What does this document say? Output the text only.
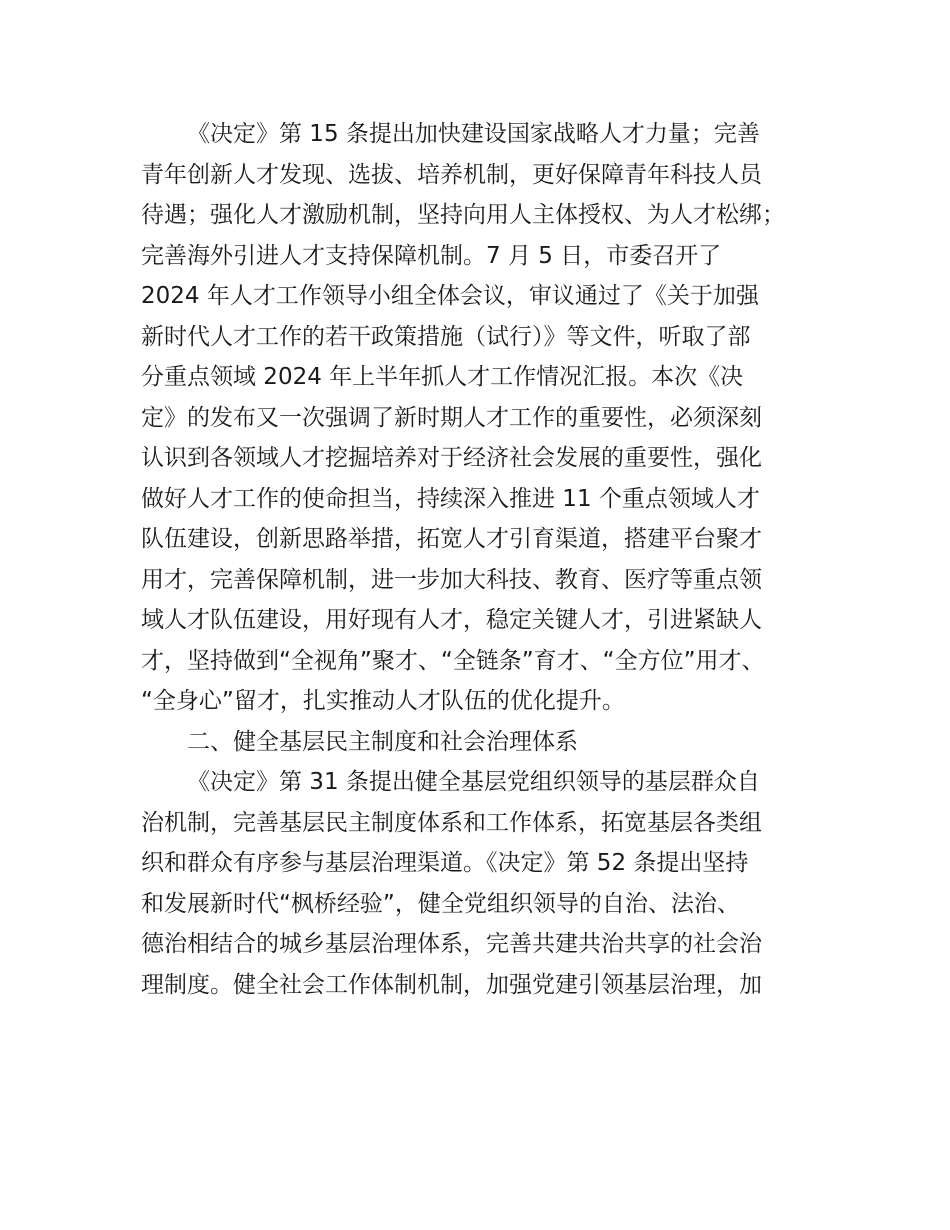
《决定》第 15 条提出加快建设国家战略人才力量；完善
青年创新人才发现、选拔、培养机制，更好保障青年科技人员
待遇；强化人才激励机制，坚持向用人主体授权、为人才松绑；
完善海外引进人才支持保障机制。7 月 5 日，市委召开了
2024 年人才工作领导小组全体会议，审议通过了《关于加强
新时代人才工作的若干政策措施（试行）》等文件，听取了部
分重点领域 2024 年上半年抓人才工作情况汇报。本次《决
定》的发布又一次强调了新时期人才工作的重要性，必须深刻
认识到各领域人才挖掘培养对于经济社会发展的重要性，强化
做好人才工作的使命担当，持续深入推进 11 个重点领域人才
队伍建设，创新思路举措，拓宽人才引育渠道，搭建平台聚才
用才，完善保障机制，进一步加大科技、教育、医疗等重点领
域人才队伍建设，用好现有人才，稳定关键人才，引进紧缺人
才，坚持做到“全视角”聚才、“全链条”育才、“全方位”用才、
“全身心”留才，扎实推动人才队伍的优化提升。
二、健全基层民主制度和社会治理体系
《决定》第 31 条提出健全基层党组织领导的基层群众自
治机制，完善基层民主制度体系和工作体系，拓宽基层各类组
织和群众有序参与基层治理渠道。《决定》第 52 条提出坚持
和发展新时代“枫桥经验”，健全党组织领导的自治、法治、
德治相结合的城乡基层治理体系，完善共建共治共享的社会治
理制度。健全社会工作体制机制，加强党建引领基层治理，加
